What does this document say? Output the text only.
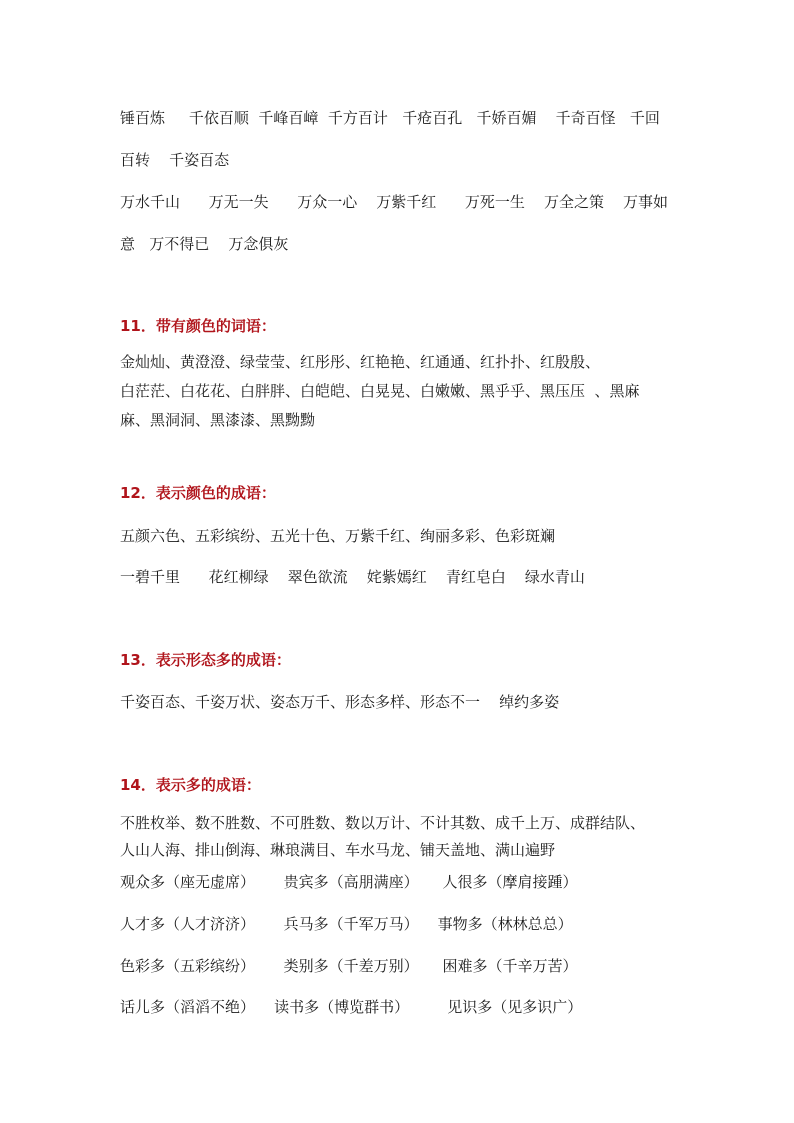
锤百炼     千依百顺  千峰百嶂  千方百计   千疮百孔   千娇百媚    千奇百怪   千回

百转    千姿百态

万水千山      万无一失      万众一心    万紫千红      万死一生    万全之策    万事如

意   万不得已    万念俱灰

11．带有颜色的词语：

金灿灿、黄澄澄、绿莹莹、红彤彤、红艳艳、红通通、红扑扑、红殷殷、

白茫茫、白花花、白胖胖、白皑皑、白晃晃、白嫩嫩、黑乎乎、黑压压  、黑麻

麻、黑洞洞、黑漆漆、黑黝黝

12．表示颜色的成语：

五颜六色、五彩缤纷、五光十色、万紫千红、绚丽多彩、色彩斑斓

一碧千里      花红柳绿    翠色欲流    姹紫嫣红    青红皂白    绿水青山

13．表示形态多的成语：

千姿百态、千姿万状、姿态万千、形态多样、形态不一    绰约多姿

14．表示多的成语：

不胜枚举、数不胜数、不可胜数、数以万计、不计其数、成千上万、成群结队、

人山人海、排山倒海、琳琅满目、车水马龙、铺天盖地、满山遍野

观众多（座无虚席）      贵宾多（高朋满座）     人很多（摩肩接踵）

人才多（人才济济）      兵马多（千军万马）    事物多（林林总总）

色彩多（五彩缤纷）      类别多（千差万别）     困难多（千辛万苦）

话儿多（滔滔不绝）    读书多（博览群书）        见识多（见多识广）
